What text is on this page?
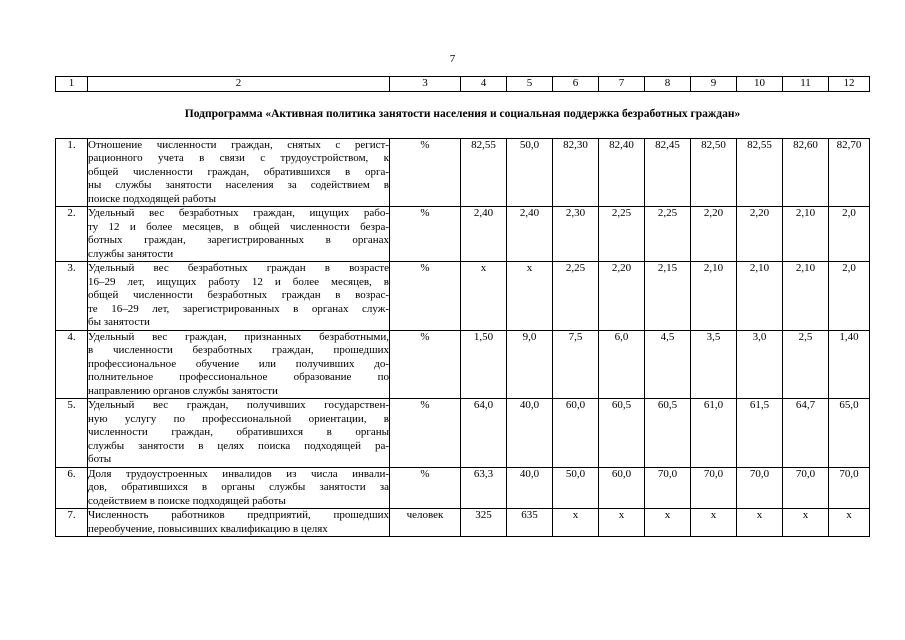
7
1	2	3	4	5	6	7	8	9	10	11	12
Подпрограмма «Активная политика занятости населения и социальная поддержка безработных граждан»											
1.	Отношение численности граждан, снятых с регист-
рационного учета в связи с трудоустройством, к
общей численности граждан, обратившихся в орга-
ны службы занятости населения за содействием в
поиске подходящей работы	%	82,55	50,0	82,30	82,40	82,45	82,50	82,55	82,60	82,70
2.	Удельный вес безработных граждан, ищущих рабо-
ту 12 и более месяцев, в общей численности безра-
ботных граждан, зарегистрированных в органах
службы занятости	%	2,40	2,40	2,30	2,25	2,25	2,20	2,20	2,10	2,0
3.	Удельный вес безработных граждан в возрасте
16–29 лет, ищущих работу 12 и более месяцев, в
общей численности безработных граждан в возрас-
те 16–29 лет, зарегистрированных в органах служ-
бы занятости	%	x	x	2,25	2,20	2,15	2,10	2,10	2,10	2,0
4.	Удельный вес граждан, признанных безработными,
в численности безработных граждан, прошедших
профессиональное обучение или получивших до-
полнительное профессиональное образование по
направлению органов службы занятости	%	1,50	9,0	7,5	6,0	4,5	3,5	3,0	2,5	1,40
5.	Удельный вес граждан, получивших государствен-
ную услугу по профессиональной ориентации, в
численности граждан, обратившихся в органы
службы занятости в целях поиска подходящей ра-
боты	%	64,0	40,0	60,0	60,5	60,5	61,0	61,5	64,7	65,0
6.	Доля трудоустроенных инвалидов из числа инвали-
дов, обратившихся в органы службы занятости за
содействием в поиске подходящей работы	%	63,3	40,0	50,0	60,0	70,0	70,0	70,0	70,0	70,0
7.	Численность работников предприятий, прошедших
переобучение, повысивших квалификацию в целях	человек	325	635	x	x	x	x	x	x	x
